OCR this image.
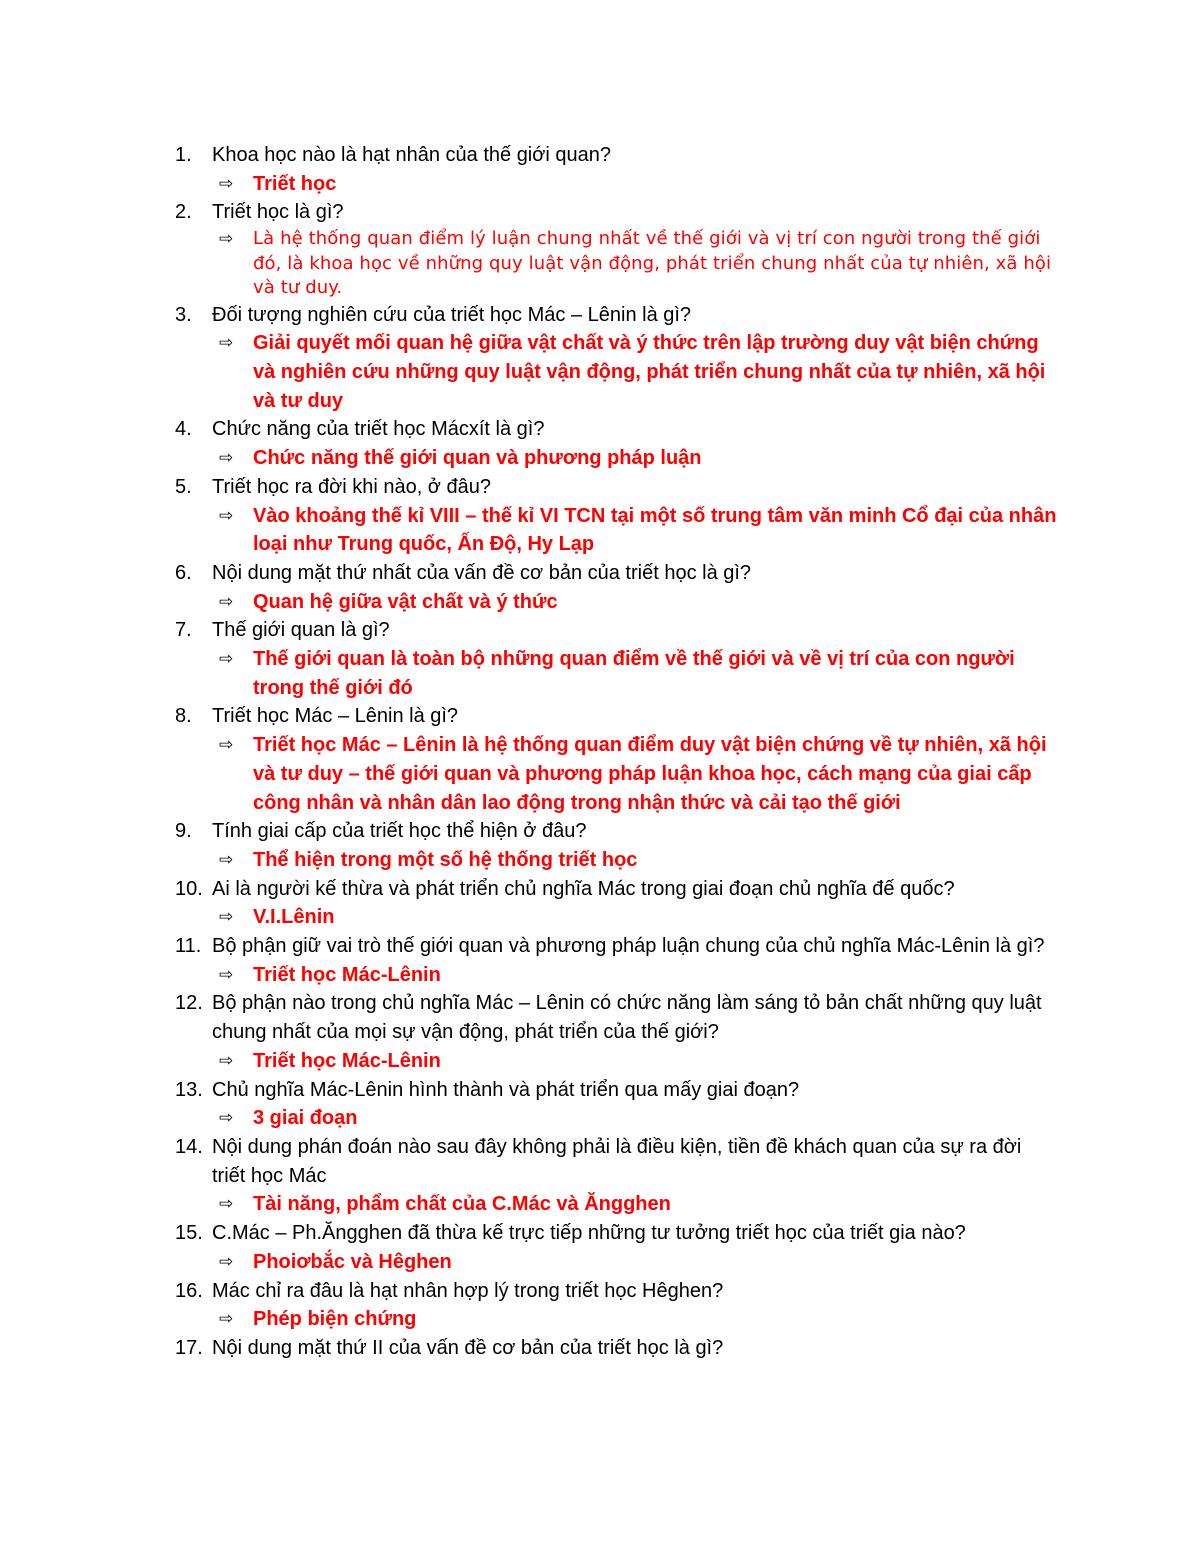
1.	Khoa học nào là hạt nhân của thế giới quan?
⇨ Triết học
2.	Triết học là gì?
⇨	Là hệ thống quan điểm lý luận chung nhất về thế giới và vị trí con người trong thế giới đó, là khoa học về những quy luật vận động, phát triển chung nhất của tự nhiên, xã hội và tư duy.
3.	Đối tượng nghiên cứu của triết học Mác – Lênin là gì?
⇨ Giải quyết mối quan hệ giữa vật chất và ý thức trên lập trường duy vật biện chứng và nghiên cứu những quy luật vận động, phát triển chung nhất của tự nhiên, xã hội và tư duy
4.	Chức năng của triết học Mácxít là gì?
⇨ Chức năng thế giới quan và phương pháp luận
5.	Triết học ra đời khi nào, ở đâu?
⇨ Vào khoảng thế kỉ VIII – thế kỉ VI TCN tại một số trung tâm văn minh Cổ đại của nhân loại như Trung quốc, Ấn Độ, Hy Lạp
6.	Nội dung mặt thứ nhất của vấn đề cơ bản của triết học là gì?
⇨ Quan hệ giữa vật chất và ý thức
7.	Thế giới quan là gì?
⇨ Thế giới quan là toàn bộ những quan điểm về thế giới và về vị trí của con người trong thế giới đó
8.	Triết học Mác – Lênin là gì?
⇨ Triết học Mác – Lênin là hệ thống quan điểm duy vật biện chứng về tự nhiên, xã hội và tư duy – thế giới quan và phương pháp luận khoa học, cách mạng của giai cấp công nhân và nhân dân lao động trong nhận thức và cải tạo thế giới
9.	Tính giai cấp của triết học thể hiện ở đâu?
⇨ Thể hiện trong một số hệ thống triết học
10. Ai là người kế thừa và phát triển chủ nghĩa Mác trong giai đoạn chủ nghĩa đế quốc?
⇨ V.I.Lênin
11. Bộ phận giữ vai trò thế giới quan và phương pháp luận chung của chủ nghĩa Mác-Lênin là gì?
⇨ Triết học Mác-Lênin
12. Bộ phận nào trong chủ nghĩa Mác – Lênin có chức năng làm sáng tỏ bản chất những quy luật chung nhất của mọi sự vận động, phát triển của thế giới?
⇨ Triết học Mác-Lênin
13. Chủ nghĩa Mác-Lênin hình thành và phát triển qua mấy giai đoạn?
⇨ 3 giai đoạn
14. Nội dung phán đoán nào sau đây không phải là điều kiện, tiền đề khách quan của sự ra đời triết học Mác
⇨ Tài năng, phẩm chất của C.Mác và Ăngghen
15. C.Mác – Ph.Ăngghen đã thừa kế trực tiếp những tư tưởng triết học của triết gia nào?
⇨ Phoiơbắc và Hêghen
16. Mác chỉ ra đâu là hạt nhân hợp lý trong triết học Hêghen?
⇨ Phép biện chứng
17. Nội dung mặt thứ II của vấn đề cơ bản của triết học là gì?
